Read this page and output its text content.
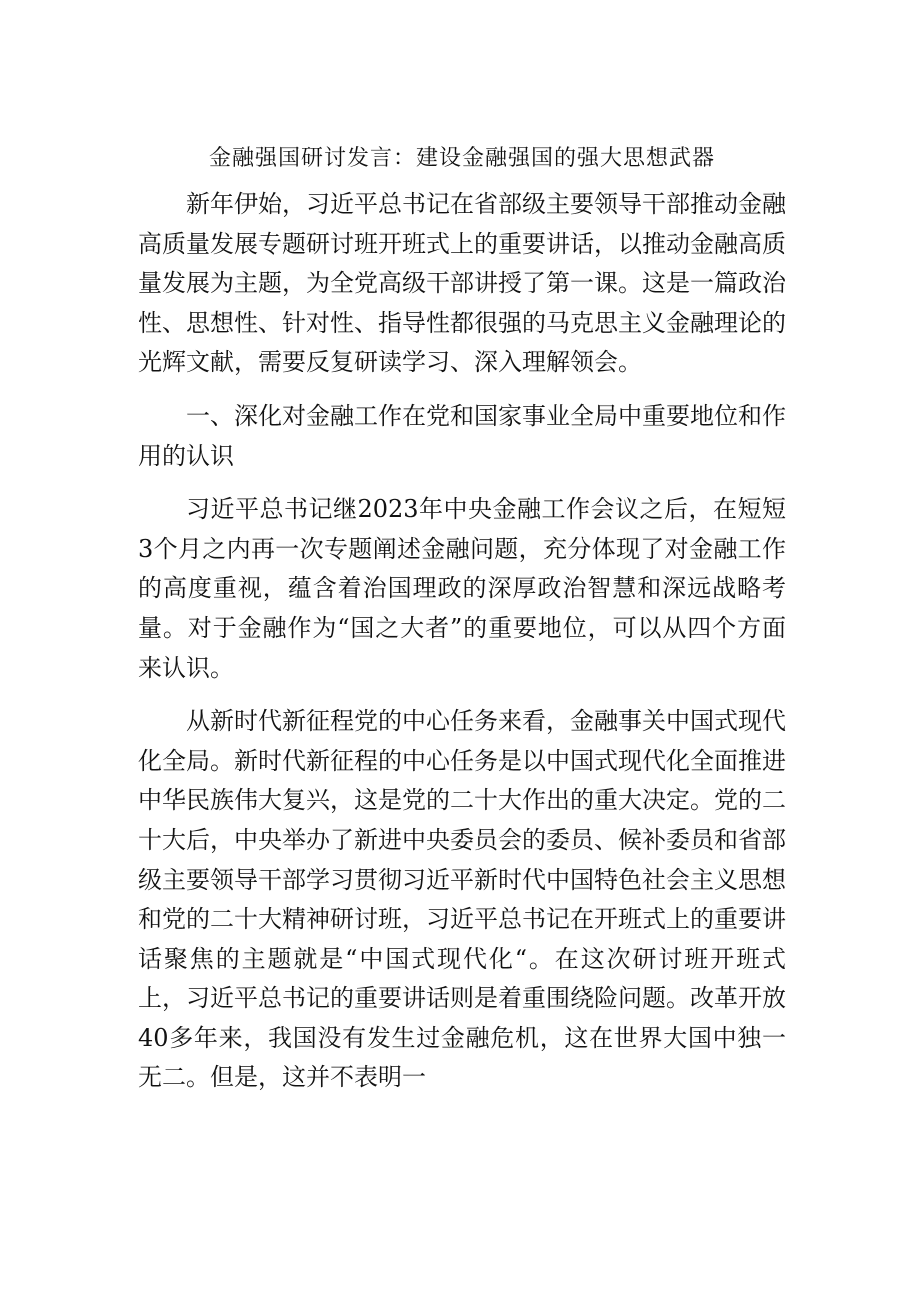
金融强国研讨发言：建设金融强国的强大思想武器

新年伊始，习近平总书记在省部级主要领导干部推动金融高质量发展专题研讨班开班式上的重要讲话，以推动金融高质量发展为主题，为全党高级干部讲授了第一课。这是一篇政治性、思想性、针对性、指导性都很强的马克思主义金融理论的光辉文献，需要反复研读学习、深入理解领会。

一、深化对金融工作在党和国家事业全局中重要地位和作用的认识

习近平总书记继2023年中央金融工作会议之后，在短短3个月之内再一次专题阐述金融问题，充分体现了对金融工作的高度重视，蕴含着治国理政的深厚政治智慧和深远战略考量。对于金融作为“国之大者”的重要地位，可以从四个方面来认识。

从新时代新征程党的中心任务来看，金融事关中国式现代化全局。新时代新征程的中心任务是以中国式现代化全面推进中华民族伟大复兴，这是党的二十大作出的重大决定。党的二十大后，中央举办了新进中央委员会的委员、候补委员和省部级主要领导干部学习贯彻习近平新时代中国特色社会主义思想和党的二十大精神研讨班，习近平总书记在开班式上的重要讲话聚焦的主题就是“中国式现代化“。在这次研讨班开班式上，习近平总书记的重要讲话则是着重围绕险问题。改革开放40多年来，我国没有发生过金融危机，这在世界大国中独一无二。但是，这并不表明一
